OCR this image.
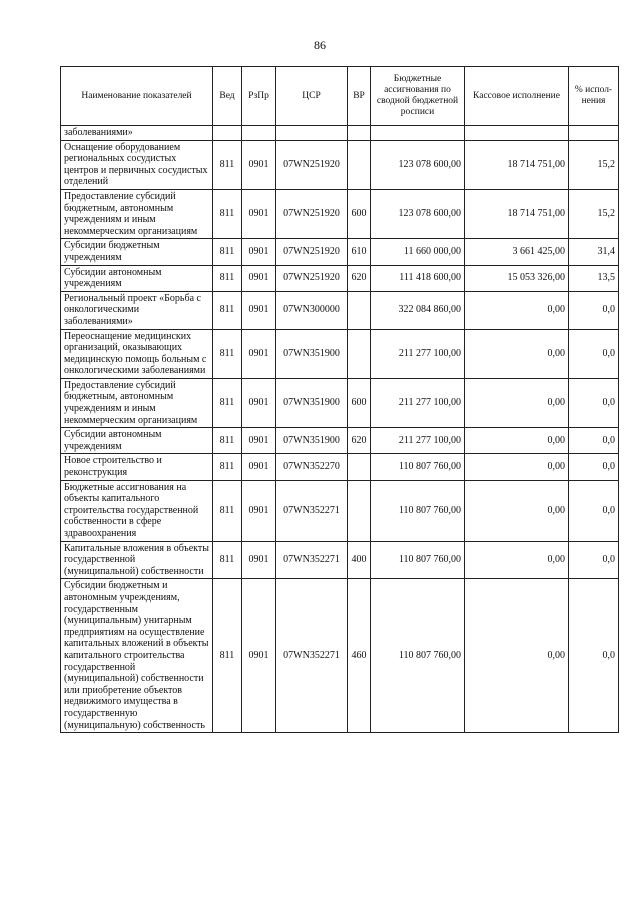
86
Наименование показателей	Вед	РзПр	ЦСР	ВР	Бюджетные ассигнования по сводной бюджетной росписи	Кассовое исполнение	% испол-нения
заболеваниями»							
Оснащение оборудованием региональных сосудистых центров и первичных сосудистых отделений	811	0901	07WN251920		123 078 600,00	18 714 751,00	15,2
Предоставление субсидий бюджетным, автономным учреждениям и иным некоммерческим организациям	811	0901	07WN251920	600	123 078 600,00	18 714 751,00	15,2
Субсидии бюджетным учреждениям	811	0901	07WN251920	610	11 660 000,00	3 661 425,00	31,4
Субсидии автономным учреждениям	811	0901	07WN251920	620	111 418 600,00	15 053 326,00	13,5
Региональный проект «Борьба с онкологическими заболеваниями»	811	0901	07WN300000		322 084 860,00	0,00	0,0
Переоснащение медицинских организаций, оказывающих медицинскую помощь больным с онкологическими заболеваниями	811	0901	07WN351900		211 277 100,00	0,00	0,0
Предоставление субсидий бюджетным, автономным учреждениям и иным некоммерческим организациям	811	0901	07WN351900	600	211 277 100,00	0,00	0,0
Субсидии автономным учреждениям	811	0901	07WN351900	620	211 277 100,00	0,00	0,0
Новое строительство и реконструкция	811	0901	07WN352270		110 807 760,00	0,00	0,0
Бюджетные ассигнования на объекты капитального строительства государственной собственности в сфере здравоохранения	811	0901	07WN352271		110 807 760,00	0,00	0,0
Капитальные вложения в объекты государственной (муниципальной) собственности	811	0901	07WN352271	400	110 807 760,00	0,00	0,0
Субсидии бюджетным и автономным учреждениям, государственным (муниципальным) унитарным предприятиям на осуществление капитальных вложений в объекты капитального строительства государственной (муниципальной) собственности или приобретение объектов недвижимого имущества в государственную (муниципальную) собственность	811	0901	07WN352271	460	110 807 760,00	0,00	0,0
